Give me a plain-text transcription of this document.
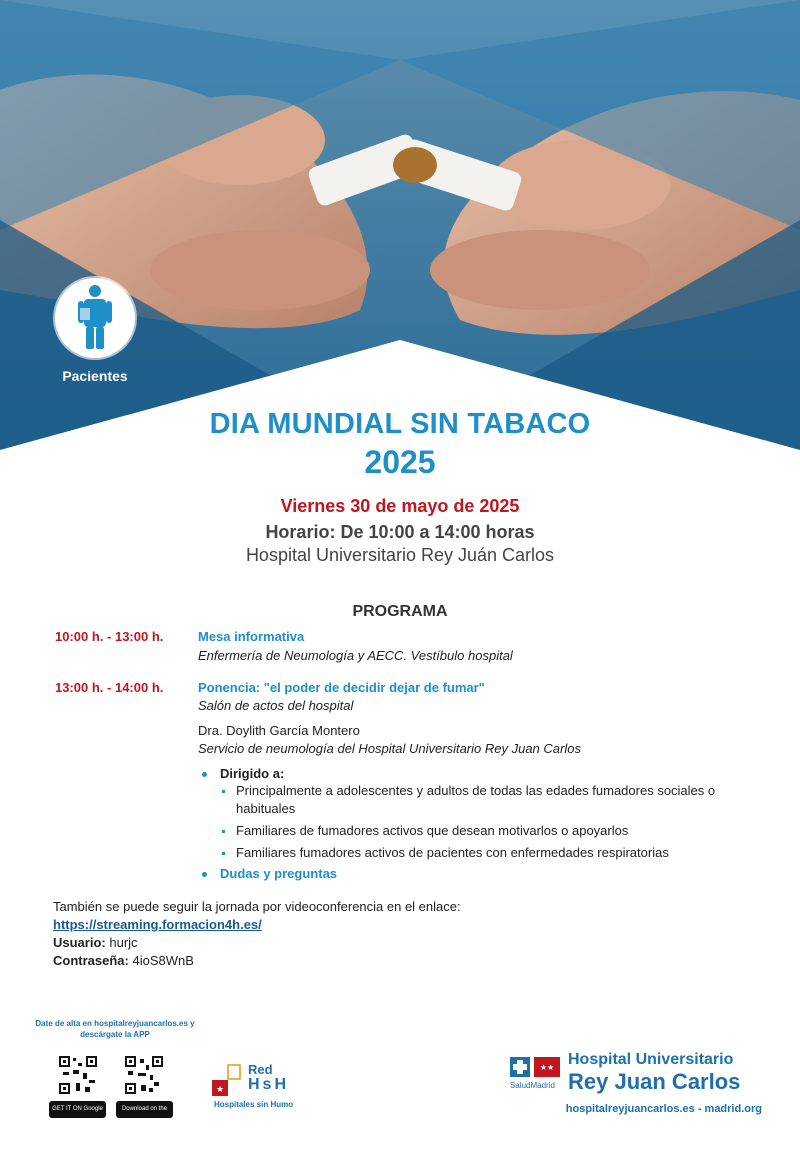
Pacientes
DIA MUNDIAL SIN TABACO
2025
Viernes 30 de mayo de 2025
Horario: De 10:00 a 14:00 horas
Hospital Universitario Rey Juán Carlos
PROGRAMA
10:00 h. - 13:00 h.	Mesa informativa
Enfermería de Neumología y AECC. Vestíbulo hospital
13:00 h. - 14:00 h.	Ponencia: "el poder de decidir dejar de fumar"
Salón de actos del hospital
Dra. Doylith García Montero
Servicio de neumología del Hospital Universitario Rey Juan Carlos
Dirigido a:
Principalmente a adolescentes y adultos de todas las edades fumadores sociales o habituales
Familiares de fumadores activos que desean motivarlos o apoyarlos
Familiares fumadores activos de pacientes con enfermedades respiratorias
Dudas y preguntas
También se puede seguir la jornada por videoconferencia en el enlace:
https://streaming.formacion4h.es/
Usuario: hurjc
Contraseña: 4ioS8WnB
Date de alta en hospitalreyjuancarlos.es y descárgate la APP
GET IT ON Google Play
Download on the App Store
★
Red
HsH
Hospitales sin Humo
★★
SaludMadrid
Hospital Universitario
Rey Juan Carlos
hospitalreyjuancarlos.es - madrid.org
